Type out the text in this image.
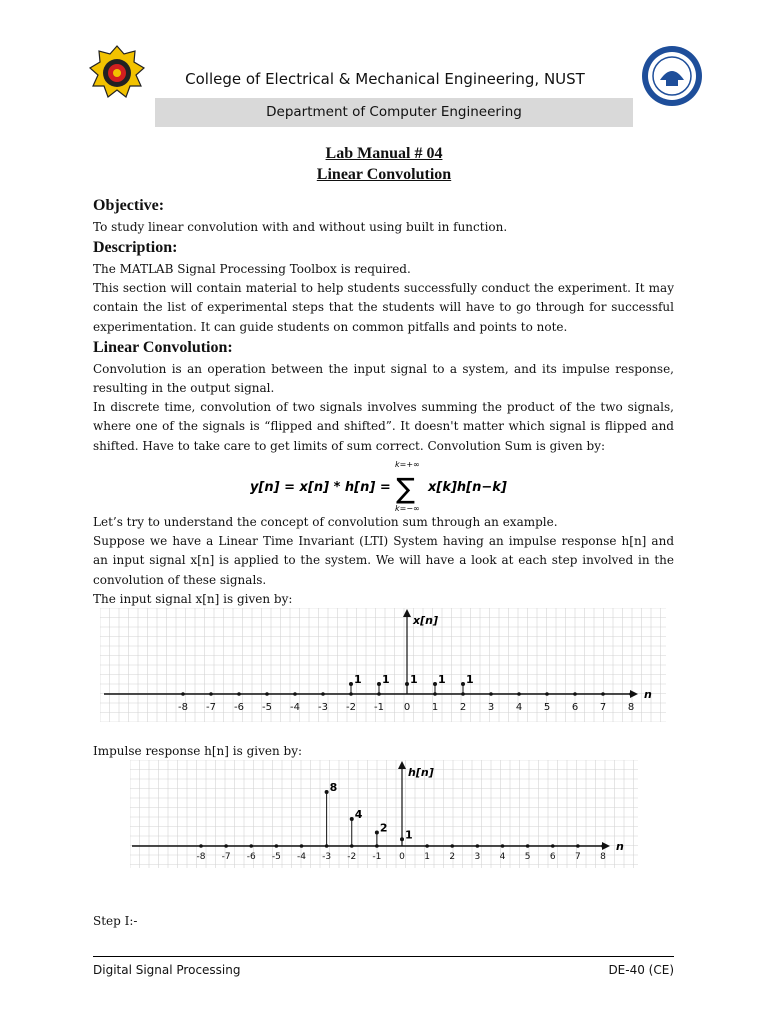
College of Electrical & Mechanical Engineering, NUST
Department of Computer Engineering
Lab Manual # 04
Linear Convolution
Objective:
To study linear convolution with and without using built in function.
Description:
The MATLAB Signal Processing Toolbox is required.
This section will contain material to help students successfully conduct the experiment. It may contain the list of experimental steps that the students will have to go through for successful experimentation. It can guide students on common pitfalls and points to note.
Linear Convolution:
Convolution is an operation between the input signal to a system, and its impulse response, resulting in the output signal.
In discrete time, convolution of two signals involves summing the product of the two signals, where one of the signals is “flipped and shifted”. It doesn't matter which signal is flipped and shifted. Have to take care to get limits of sum correct. Convolution Sum is given by:
y[n] = x[n] * h[n] =
k=+∞
∑
k=−∞
x[k]h[n−k]
Let’s try to understand the concept of convolution sum through an example.
Suppose we have a Linear Time Invariant (LTI) System having an impulse response h[n] and an input signal x[n] is applied to the system. We will have a look at each step involved in the convolution of these signals.
The input signal x[n] is given by:
n
x[n]
-8 -7 -6 -5 -4 -3 -2 -1 0 1 2 3 4 5 6 7 8
1 1 1 1 1
Impulse response h[n] is given by:
n
h[n]
-8 -7 -6 -5 -4 -3 -2 -1 0 1 2 3 4 5 6 7 8
8
4
2
1
Step I:-
Digital Signal Processing	DE-40 (CE)
